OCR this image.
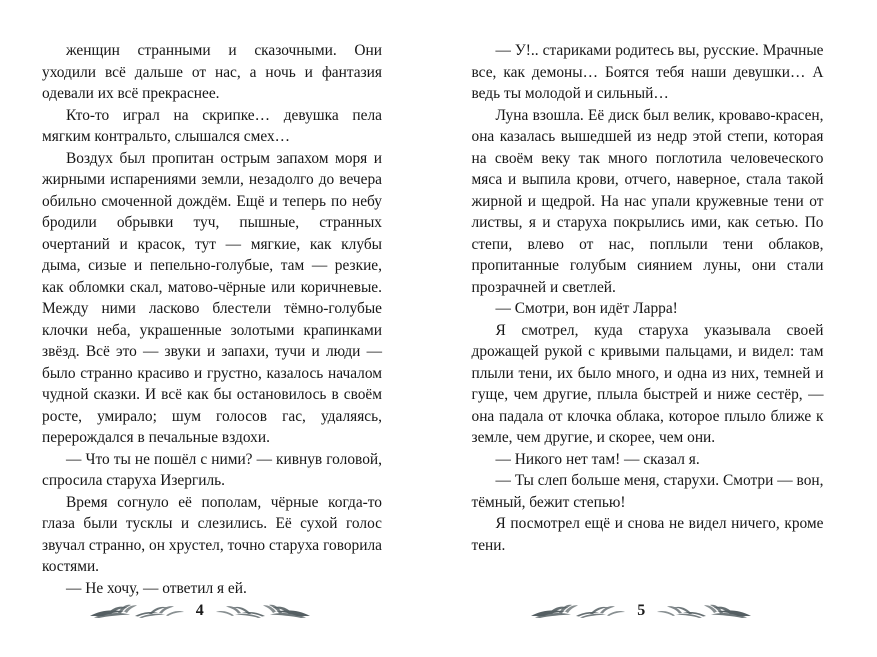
женщин странными и сказочными. Они уходили всё дальше от нас, а ночь и фантазия одевали их всё прекраснее.

Кто-то играл на скрипке… девушка пела мягким контральто, слышался смех…

Воздух был пропитан острым запахом моря и жирными испарениями земли, незадолго до вечера обильно смоченной дождём. Ещё и теперь по небу бродили обрывки туч, пышные, странных очертаний и красок, тут — мягкие, как клубы дыма, сизые и пепельно-голубые, там — резкие, как обломки скал, матово-чёрные или коричневые. Между ними ласково блестели тёмно-голубые клочки неба, украшенные золотыми крапинками звёзд. Всё это — звуки и запахи, тучи и люди — было странно красиво и грустно, казалось началом чудной сказки. И всё как бы остановилось в своём росте, умирало; шум голосов гас, удаляясь, перерождался в печальные вздохи.

— Что ты не пошёл с ними? — кивнув головой, спросила старуха Изергиль.

Время согнуло её пополам, чёрные когда-то глаза были тусклы и слезились. Её сухой голос звучал странно, он хрустел, точно старуха говорила костями.

— Не хочу, — ответил я ей.

4

— У!.. стариками родитесь вы, русские. Мрачные все, как демоны… Боятся тебя наши девушки… А ведь ты молодой и сильный…

Луна взошла. Её диск был велик, кроваво-красен, она казалась вышедшей из недр этой степи, которая на своём веку так много поглотила человеческого мяса и выпила крови, отчего, наверное, стала такой жирной и щедрой. На нас упали кружевные тени от листвы, я и старуха покрылись ими, как сетью. По степи, влево от нас, поплыли тени облаков, пропитанные голубым сиянием луны, они стали прозрачней и светлей.

— Смотри, вон идёт Ларра!

Я смотрел, куда старуха указывала своей дрожащей рукой с кривыми пальцами, и видел: там плыли тени, их было много, и одна из них, темней и гуще, чем другие, плыла быстрей и ниже сестёр, — она падала от клочка облака, которое плыло ближе к земле, чем другие, и скорее, чем они.

— Никого нет там! — сказал я.

— Ты слеп больше меня, старухи. Смотри — вон, тёмный, бежит степью!

Я посмотрел ещё и снова не видел ничего, кроме тени.

5
